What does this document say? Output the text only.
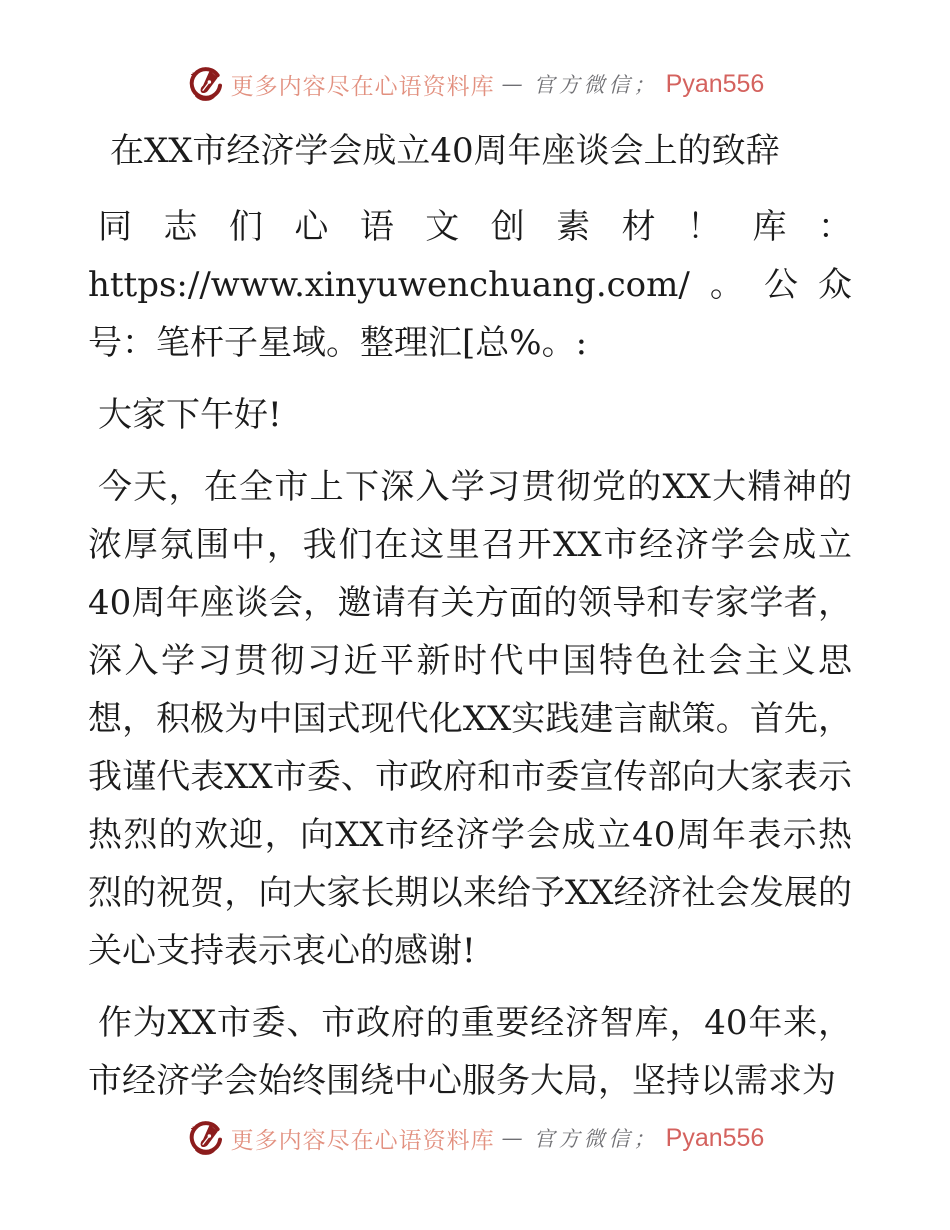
更多内容尽在心语资料库 — 官方微信； Pyan556
在XX市经济学会成立40周年座谈会上的致辞

同志们心语文创素材！库：https://www.xinyuwenchuang.com/。公众号：笔杆子星域。整理汇[总%。:

大家下午好!

今天，在全市上下深入学习贯彻党的XX大精神的浓厚氛围中，我们在这里召开XX市经济学会成立40周年座谈会，邀请有关方面的领导和专家学者，深入学习贯彻习近平新时代中国特色社会主义思想，积极为中国式现代化XX实践建言献策。首先，我谨代表XX市委、市政府和市委宣传部向大家表示热烈的欢迎，向XX市经济学会成立40周年表示热烈的祝贺，向大家长期以来给予XX经济社会发展的关心支持表示衷心的感谢!

作为XX市委、市政府的重要经济智库，40年来，市经济学会始终围绕中心服务大局，坚持以需求为

更多内容尽在心语资料库 — 官方微信； Pyan556
